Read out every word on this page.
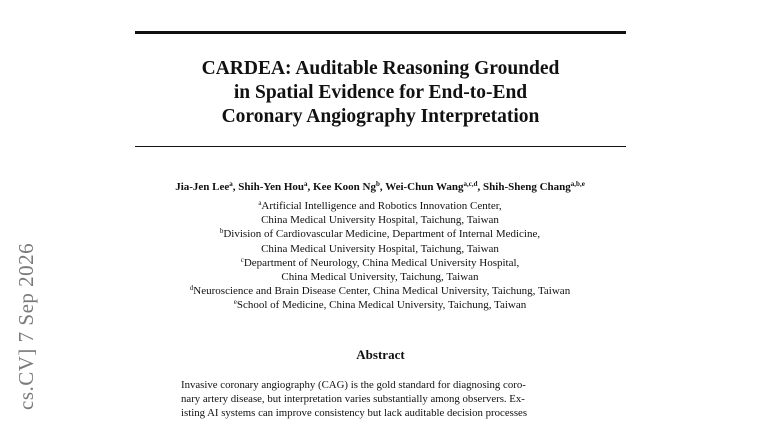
CARDEA: Auditable Reasoning Grounded
in Spatial Evidence for End-to-End
Coronary Angiography Interpretation
Jia-Jen Lee$^a$, Shih-Yen Hou$^a$, Kee Koon Ng$^b$, Wei-Chun Wang$^{a,c,d}$, Shih-Sheng Chang$^{a,b,e}$
$^a$Artificial Intelligence and Robotics Innovation Center,
China Medical University Hospital, Taichung, Taiwan
$^b$Division of Cardiovascular Medicine, Department of Internal Medicine,
China Medical University Hospital, Taichung, Taiwan
$^c$Department of Neurology, China Medical University Hospital,
China Medical University, Taichung, Taiwan
$^d$Neuroscience and Brain Disease Center, China Medical University, Taichung, Taiwan
$^e$School of Medicine, China Medical University, Taichung, Taiwan
Abstract
Invasive coronary angiography (CAG) is the gold standard for diagnosing coro-
nary artery disease, but interpretation varies substantially among observers. Ex-
isting AI systems can improve consistency but lack auditable decision processes
cs.CV] 7 Sep 2026
